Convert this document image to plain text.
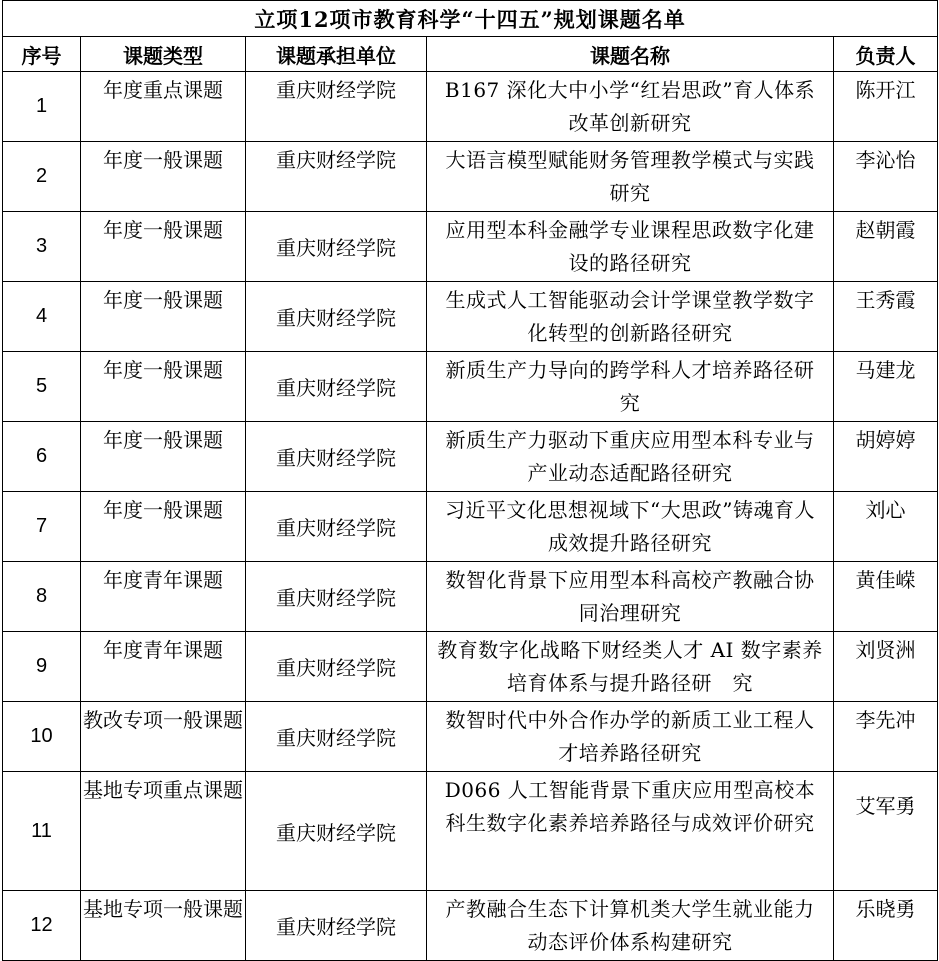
立项12项市教育科学“十四五”规划课题名单				
序号	课题类型	课题承担单位	课题名称	负责人
1	年度重点课题	重庆财经学院	B167 深化大中小学“红岩思政”育人体系改革创新研究	陈开江
2	年度一般课题	重庆财经学院	大语言模型赋能财务管理教学模式与实践研究	李沁怡
3	年度一般课题	重庆财经学院	应用型本科金融学专业课程思政数字化建设的路径研究	赵朝霞
4	年度一般课题	重庆财经学院	生成式人工智能驱动会计学课堂教学数字化转型的创新路径研究	王秀霞
5	年度一般课题	重庆财经学院	新质生产力导向的跨学科人才培养路径研究	马建龙
6	年度一般课题	重庆财经学院	新质生产力驱动下重庆应用型本科专业与产业动态适配路径研究	胡婷婷
7	年度一般课题	重庆财经学院	习近平文化思想视域下“大思政”铸魂育人成效提升路径研究	刘心
8	年度青年课题	重庆财经学院	数智化背景下应用型本科高校产教融合协同治理研究	黄佳嵘
9	年度青年课题	重庆财经学院	教育数字化战略下财经类人才 AI 数字素养培育体系与提升路径研　究	刘贤洲
10	教改专项一般课题	重庆财经学院	数智时代中外合作办学的新质工业工程人才培养路径研究	李先冲
11	基地专项重点课题	重庆财经学院	D066 人工智能背景下重庆应用型高校本科生数字化素养培养路径与成效评价研究	艾军勇
12	基地专项一般课题	重庆财经学院	产教融合生态下计算机类大学生就业能力动态评价体系构建研究	乐晓勇
